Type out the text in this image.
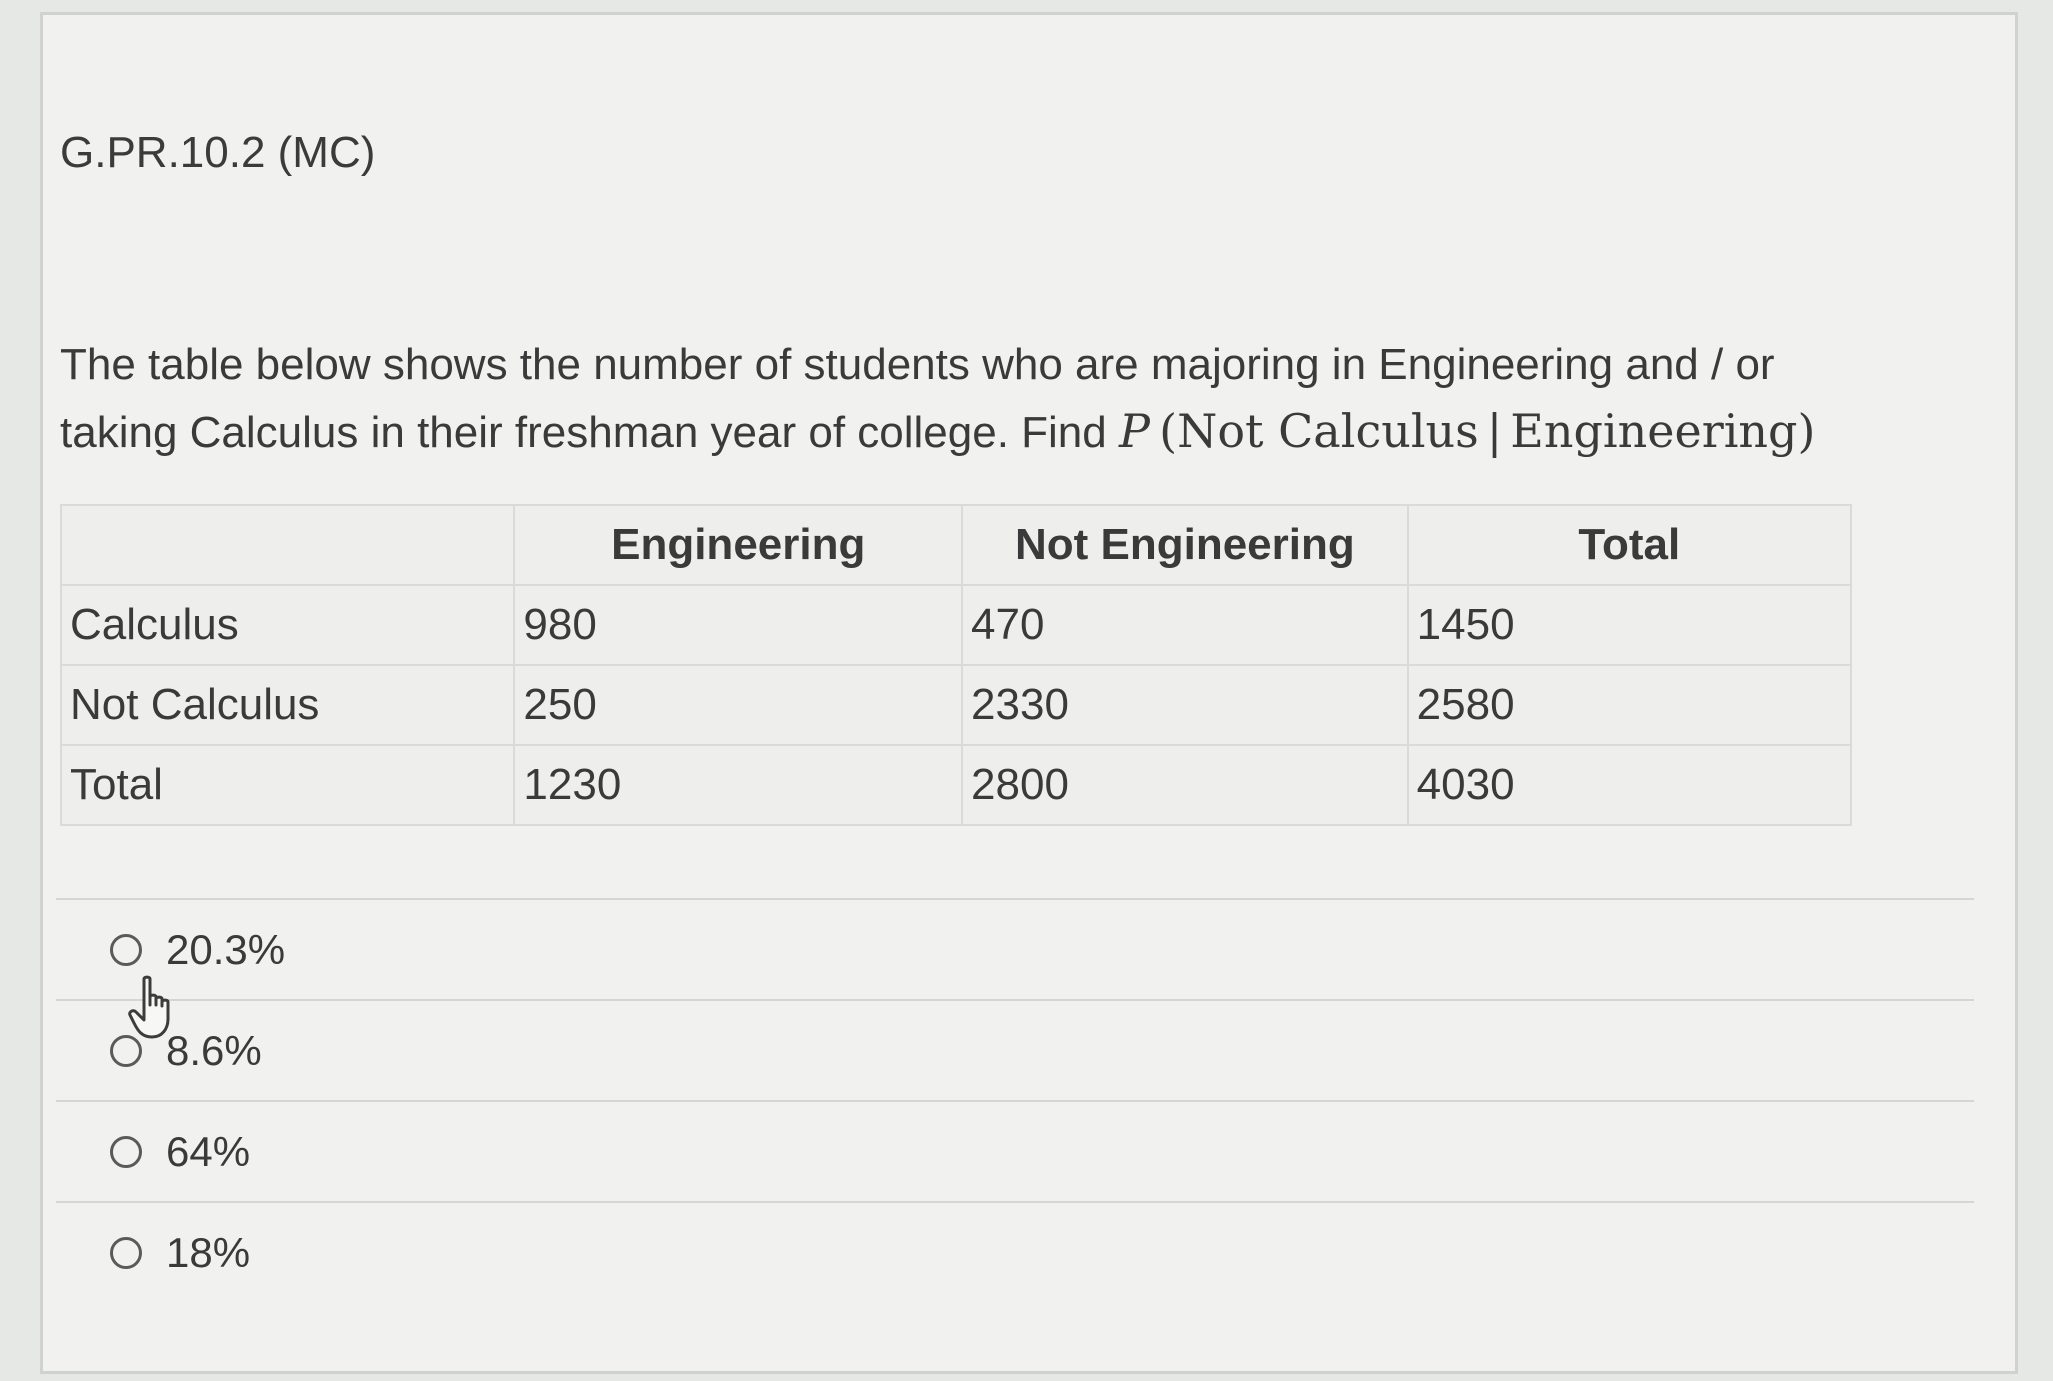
G.PR.10.2 (MC)
The table below shows the number of students who are majoring in Engineering and / or
taking Calculus in their freshman year of college. Find P  (Not Calculus | Engineering)
	Engineering	Not Engineering	Total
Calculus	980	470	1450
Not Calculus	250	2330	2580
Total	1230	2800	4030
20.3%
8.6%
64%
18%
